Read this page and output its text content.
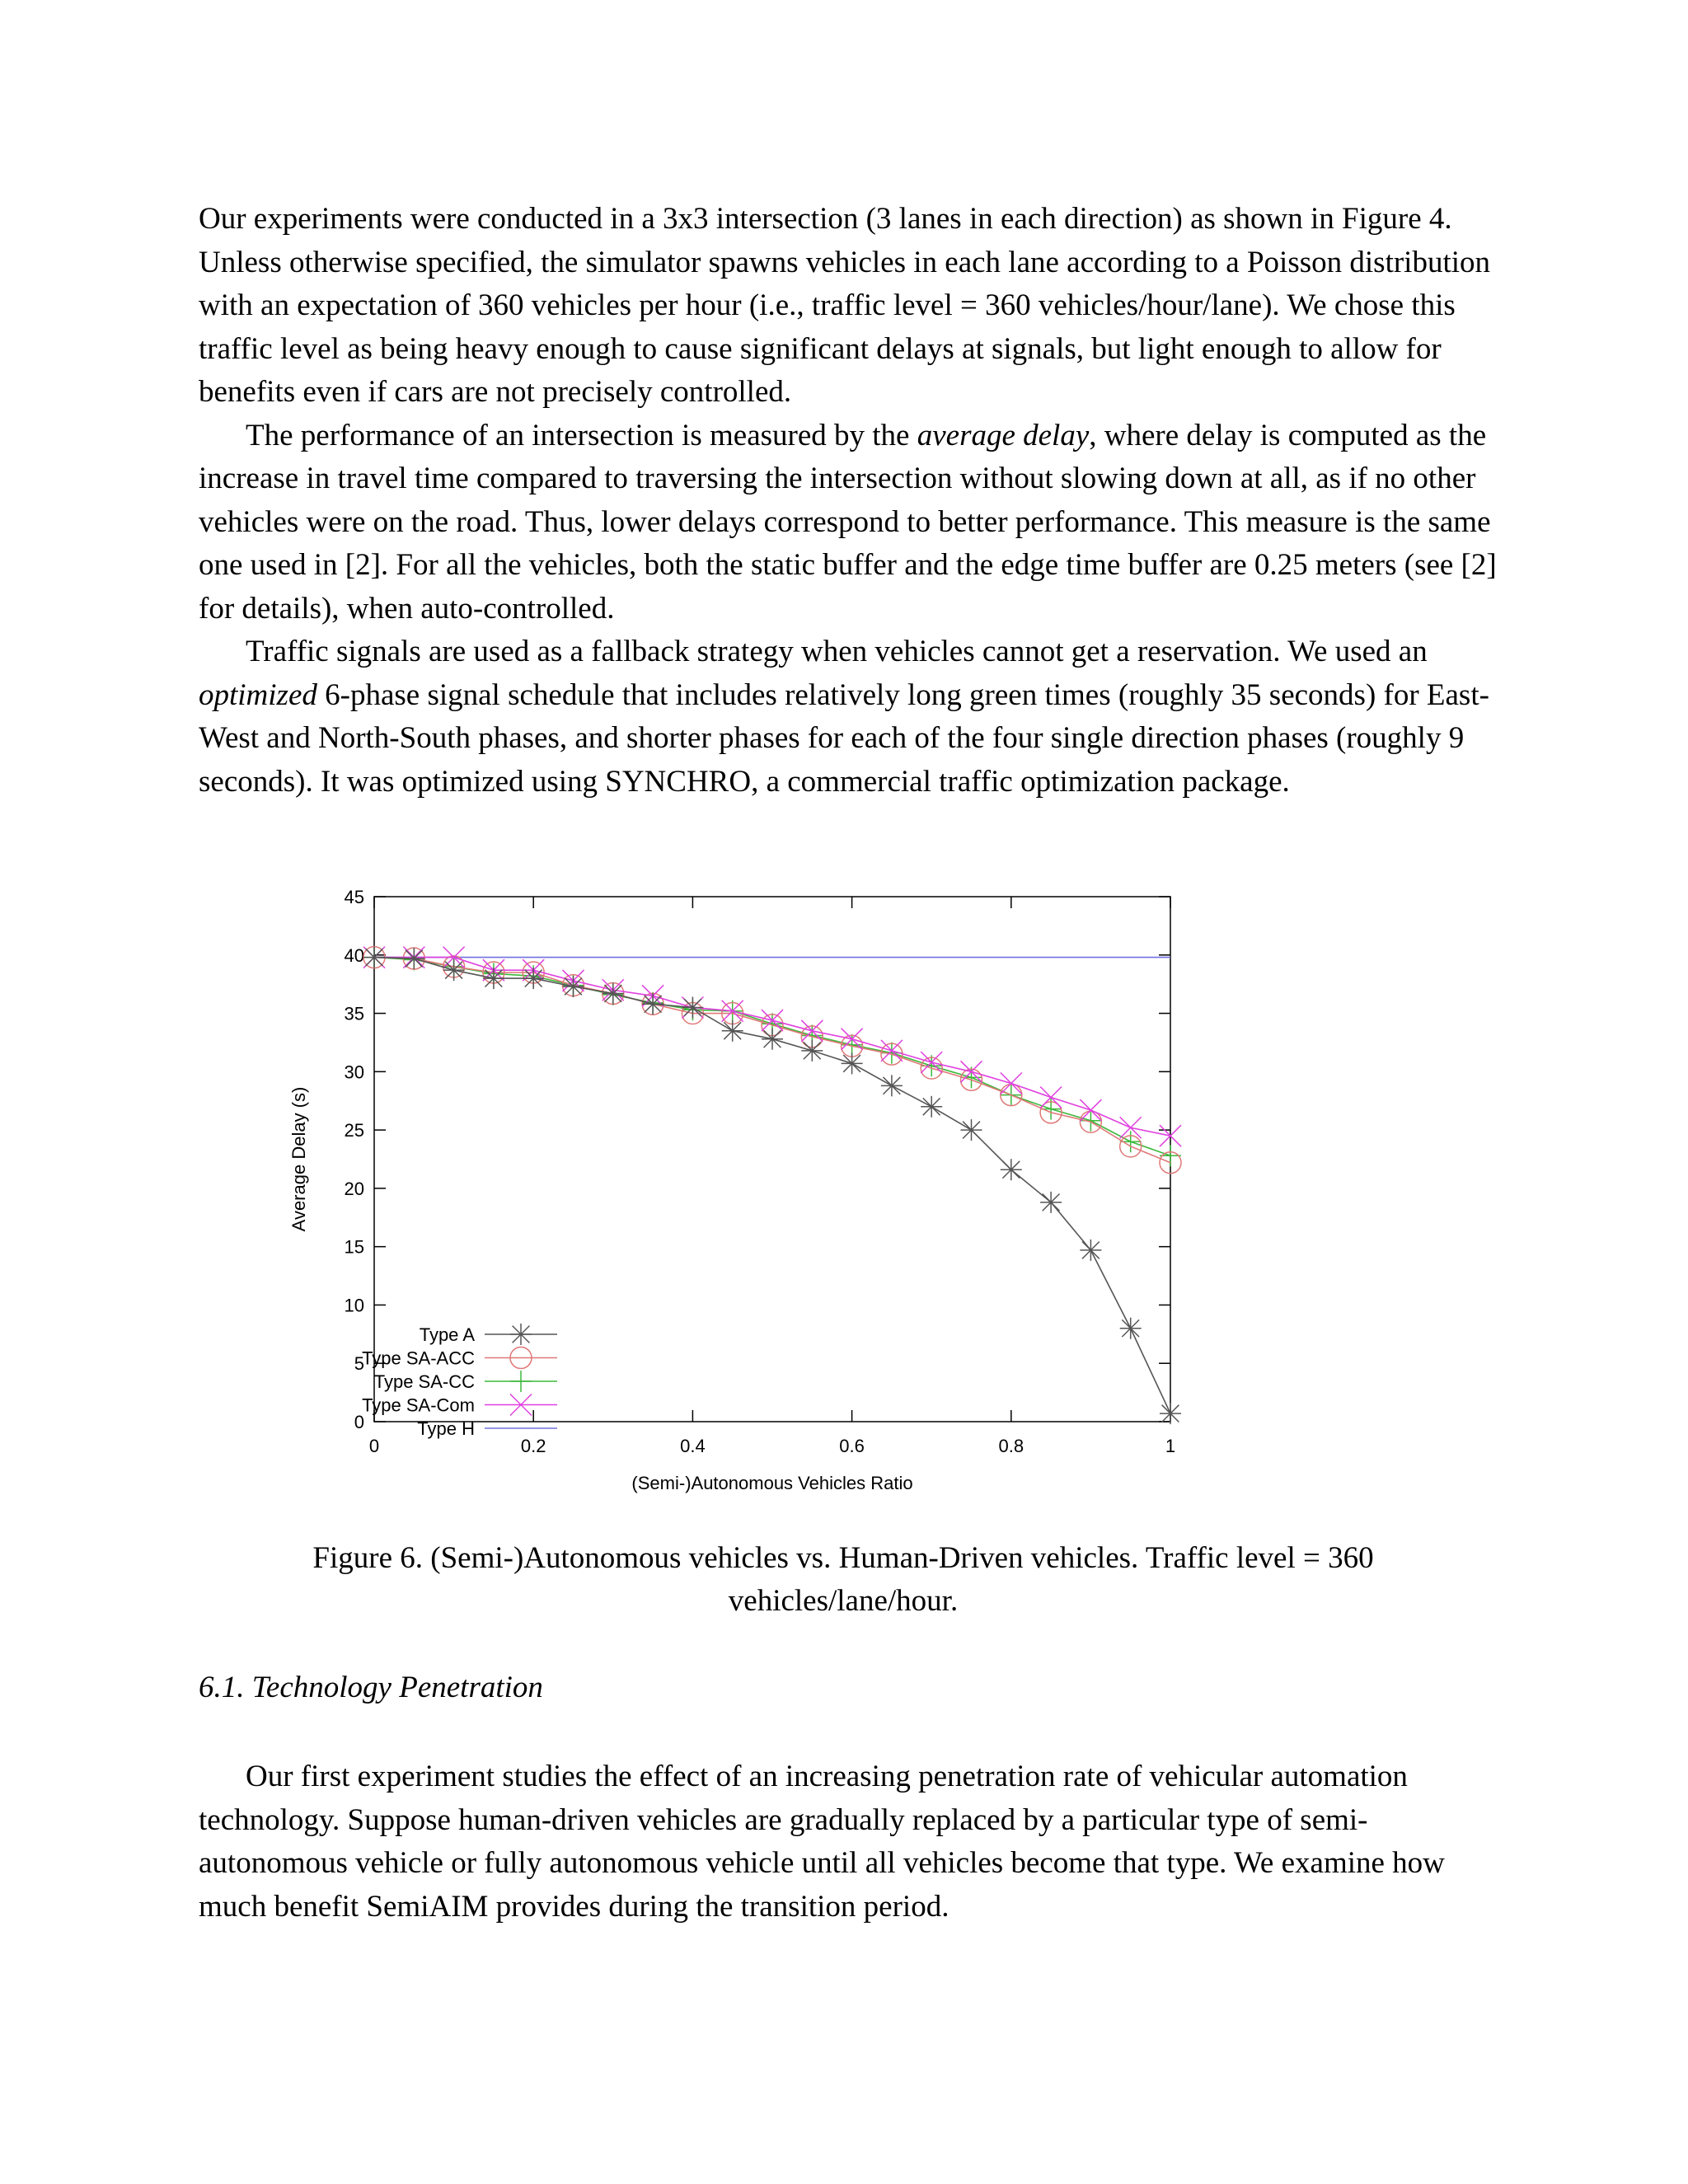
Our experiments were conducted in a 3x3 intersection (3 lanes in each direction) as shown in Figure 4. Unless otherwise specified, the simulator spawns vehicles in each lane according to a Poisson distribution with an expectation of 360 vehicles per hour (i.e., traffic level = 360 vehicles/hour/lane). We chose this traffic level as being heavy enough to cause significant delays at signals, but light enough to allow for benefits even if cars are not precisely controlled.

The performance of an intersection is measured by the average delay, where delay is computed as the increase in travel time compared to traversing the intersection without slowing down at all, as if no other vehicles were on the road. Thus, lower delays correspond to better performance. This measure is the same one used in [2]. For all the vehicles, both the static buffer and the edge time buffer are 0.25 meters (see [2] for details), when auto-controlled.

Traffic signals are used as a fallback strategy when vehicles cannot get a reservation. We used an optimized 6-phase signal schedule that includes relatively long green times (roughly 35 seconds) for East-West and North-South phases, and shorter phases for each of the four single direction phases (roughly 9 seconds). It was optimized using SYNCHRO, a commercial traffic optimization package.

0
5
10
15
20
25
30
35
40
45
0	0.2	0.4	0.6	0.8	1
(Semi-)Autonomous Vehicles Ratio
Average Delay (s)
Type A
Type SA-ACC
Type SA-CC
Type SA-Com
Type H
Figure 6. (Semi-)Autonomous vehicles vs. Human-Driven vehicles. Traffic level = 360 vehicles/lane/hour.
6.1. Technology Penetration

Our first experiment studies the effect of an increasing penetration rate of vehicular automation technology. Suppose human-driven vehicles are gradually replaced by a particular type of semi-autonomous vehicle or fully autonomous vehicle until all vehicles become that type. We examine how much benefit SemiAIM provides during the transition period.
